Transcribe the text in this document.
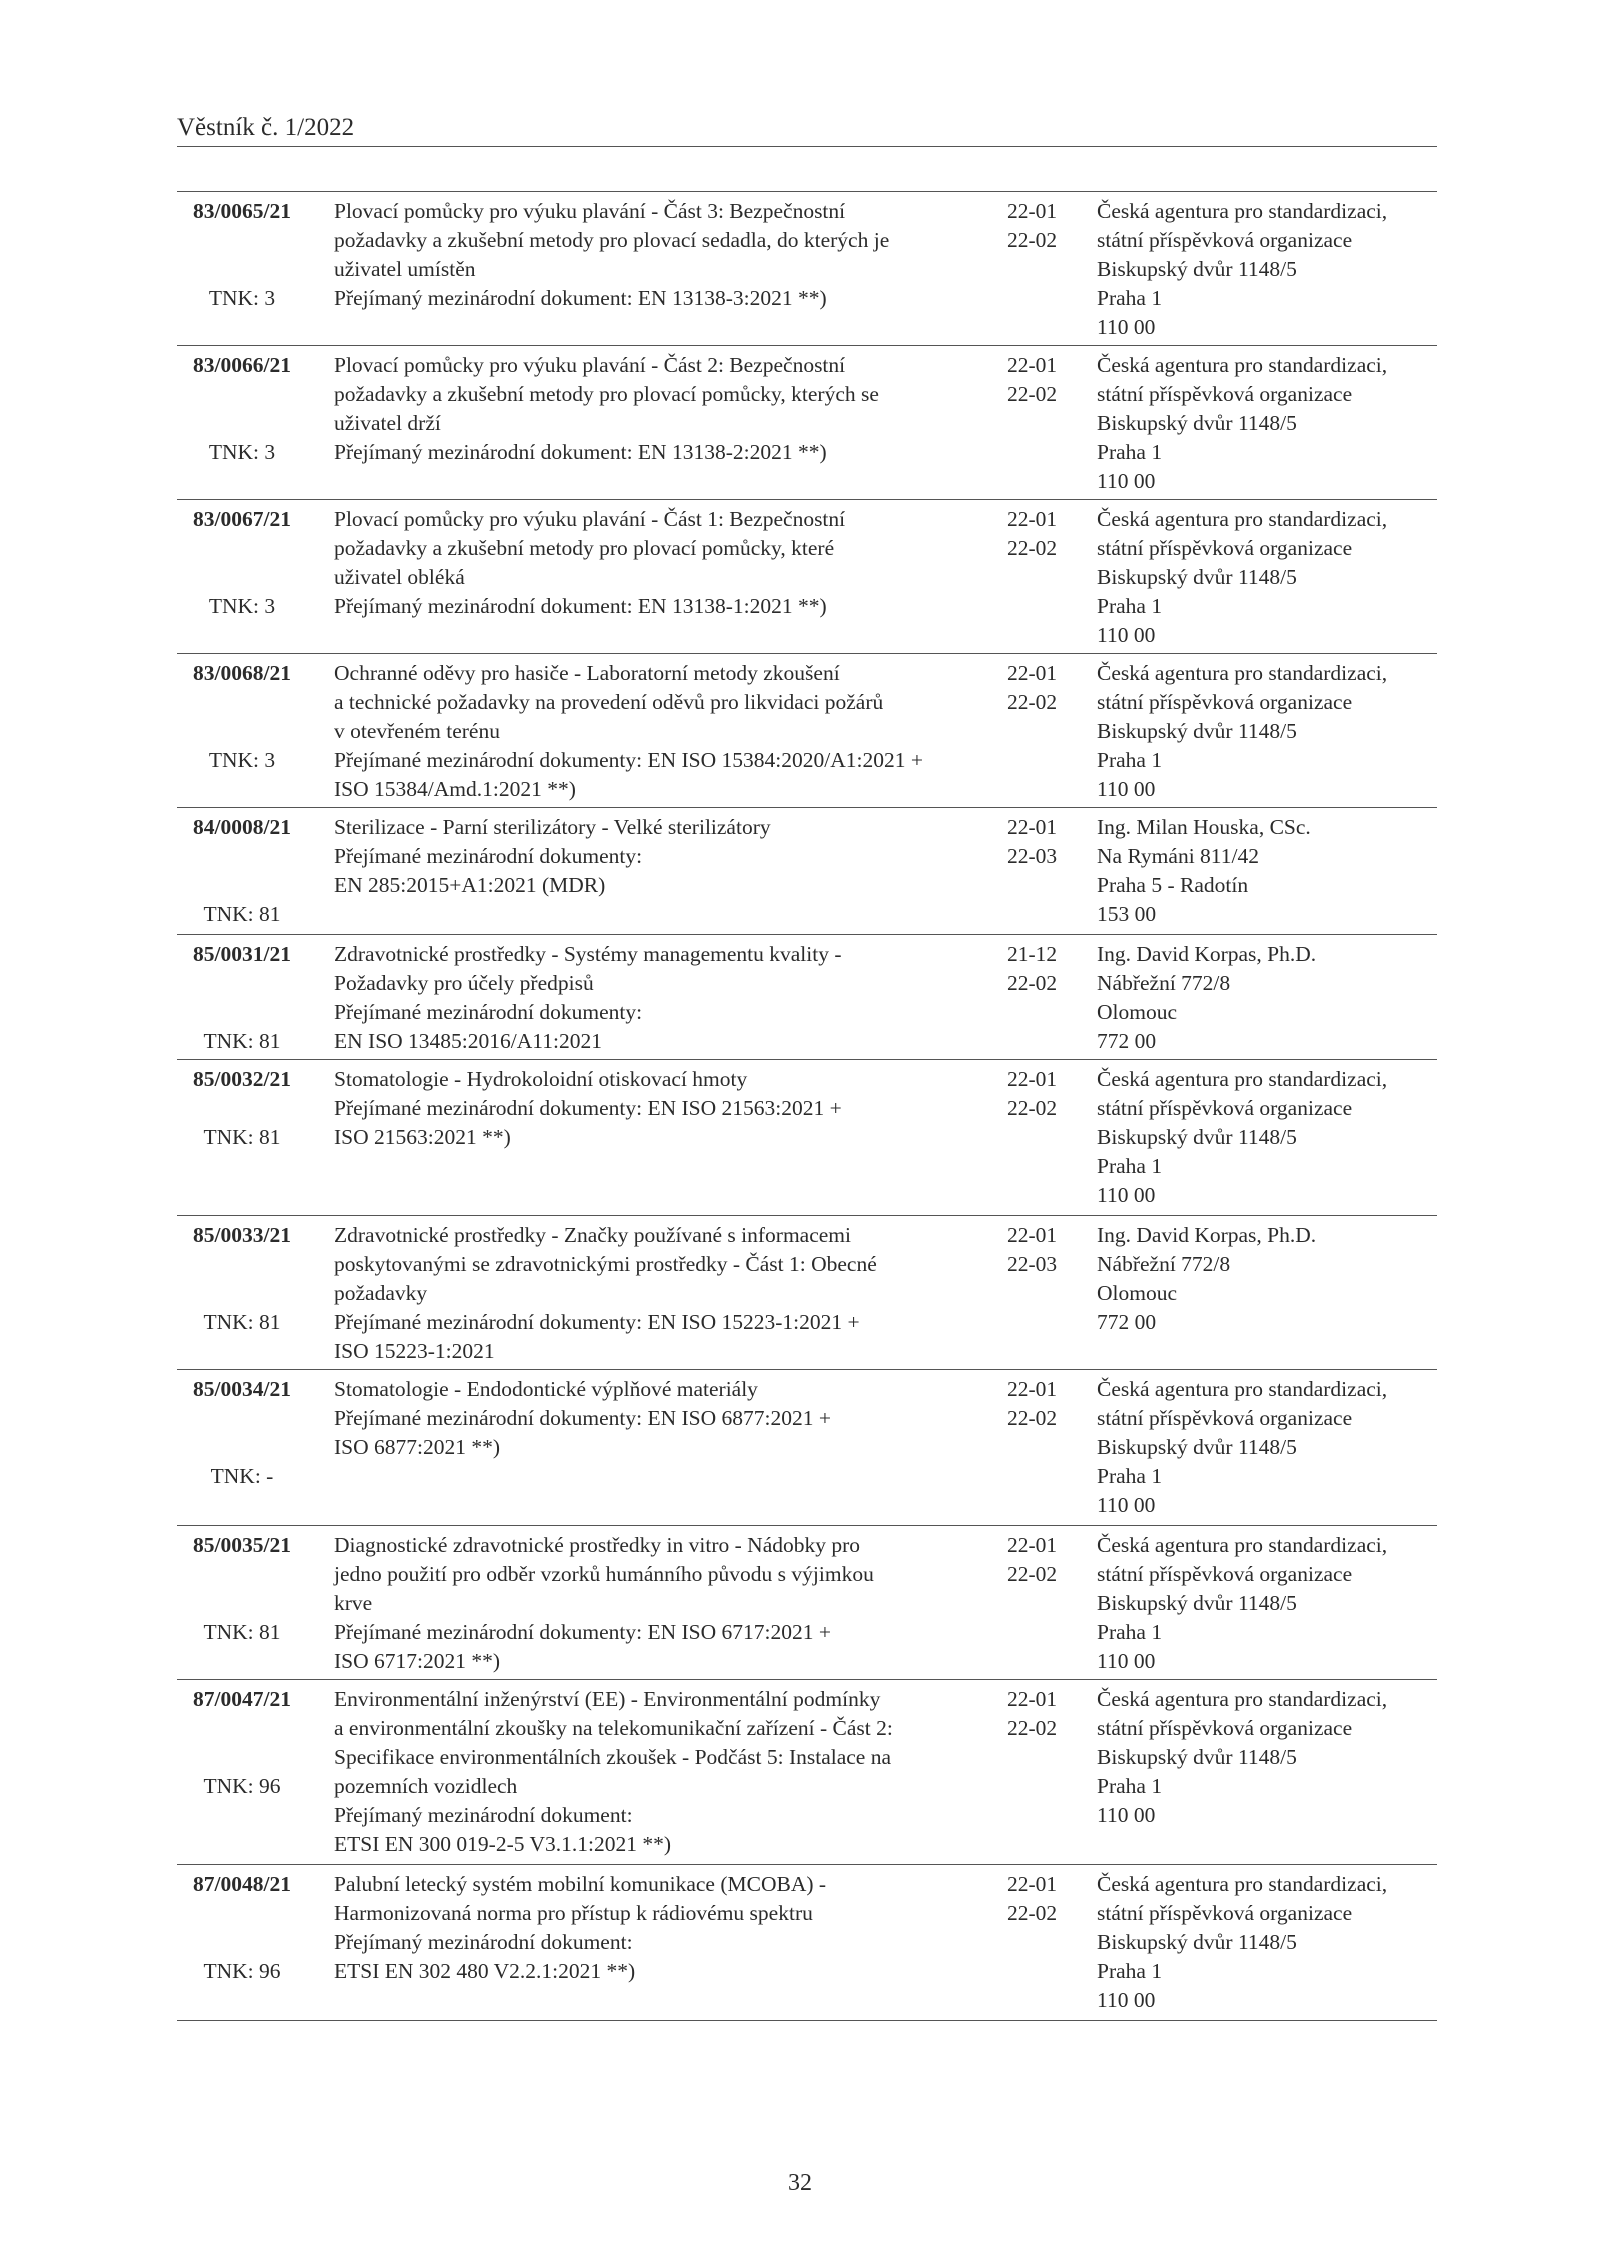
Věstník č. 1/2022
83/0065/21
TNK: 3
Plovací pomůcky pro výuku plavání - Část 3: Bezpečnostní
požadavky a zkušební metody pro plovací sedadla, do kterých je
uživatel umístěn
Přejímaný mezinárodní dokument: EN 13138-3:2021 **)
22-01
22-02
Česká agentura pro standardizaci,
státní příspěvková organizace
Biskupský dvůr 1148/5
Praha 1
110 00
83/0066/21
TNK: 3
Plovací pomůcky pro výuku plavání - Část 2: Bezpečnostní
požadavky a zkušební metody pro plovací pomůcky, kterých se
uživatel drží
Přejímaný mezinárodní dokument: EN 13138-2:2021 **)
22-01
22-02
Česká agentura pro standardizaci,
státní příspěvková organizace
Biskupský dvůr 1148/5
Praha 1
110 00
83/0067/21
TNK: 3
Plovací pomůcky pro výuku plavání - Část 1: Bezpečnostní
požadavky a zkušební metody pro plovací pomůcky, které
uživatel obléká
Přejímaný mezinárodní dokument: EN 13138-1:2021 **)
22-01
22-02
Česká agentura pro standardizaci,
státní příspěvková organizace
Biskupský dvůr 1148/5
Praha 1
110 00
83/0068/21
TNK: 3
Ochranné oděvy pro hasiče - Laboratorní metody zkoušení
a technické požadavky na provedení oděvů pro likvidaci požárů
v otevřeném terénu
Přejímané mezinárodní dokumenty: EN ISO 15384:2020/A1:2021 +
ISO 15384/Amd.1:2021 **)
22-01
22-02
Česká agentura pro standardizaci,
státní příspěvková organizace
Biskupský dvůr 1148/5
Praha 1
110 00
84/0008/21
TNK: 81
Sterilizace - Parní sterilizátory - Velké sterilizátory
Přejímané mezinárodní dokumenty:
EN 285:2015+A1:2021 (MDR)
22-01
22-03
Ing. Milan Houska, CSc.
Na Rymáni 811/42
Praha 5 - Radotín
153 00
85/0031/21
TNK: 81
Zdravotnické prostředky - Systémy managementu kvality -
Požadavky pro účely předpisů
Přejímané mezinárodní dokumenty:
EN ISO 13485:2016/A11:2021
21-12
22-02
Ing. David Korpas, Ph.D.
Nábřežní 772/8
Olomouc
772 00
85/0032/21
TNK: 81
Stomatologie - Hydrokoloidní otiskovací hmoty
Přejímané mezinárodní dokumenty: EN ISO 21563:2021 +
ISO 21563:2021 **)
22-01
22-02
Česká agentura pro standardizaci,
státní příspěvková organizace
Biskupský dvůr 1148/5
Praha 1
110 00
85/0033/21
TNK: 81
Zdravotnické prostředky - Značky používané s informacemi
poskytovanými se zdravotnickými prostředky - Část 1: Obecné
požadavky
Přejímané mezinárodní dokumenty: EN ISO 15223-1:2021 +
ISO 15223-1:2021
22-01
22-03
Ing. David Korpas, Ph.D.
Nábřežní 772/8
Olomouc
772 00
85/0034/21
TNK: -
Stomatologie - Endodontické výplňové materiály
Přejímané mezinárodní dokumenty: EN ISO 6877:2021 +
ISO 6877:2021 **)
22-01
22-02
Česká agentura pro standardizaci,
státní příspěvková organizace
Biskupský dvůr 1148/5
Praha 1
110 00
85/0035/21
TNK: 81
Diagnostické zdravotnické prostředky in vitro - Nádobky pro
jedno použití pro odběr vzorků humánního původu s výjimkou
krve
Přejímané mezinárodní dokumenty: EN ISO 6717:2021 +
ISO 6717:2021 **)
22-01
22-02
Česká agentura pro standardizaci,
státní příspěvková organizace
Biskupský dvůr 1148/5
Praha 1
110 00
87/0047/21
TNK: 96
Environmentální inženýrství (EE) - Environmentální podmínky
a environmentální zkoušky na telekomunikační zařízení - Část 2:
Specifikace environmentálních zkoušek - Podčást 5: Instalace na
pozemních vozidlech
Přejímaný mezinárodní dokument:
ETSI EN 300 019-2-5 V3.1.1:2021 **)
22-01
22-02
Česká agentura pro standardizaci,
státní příspěvková organizace
Biskupský dvůr 1148/5
Praha 1
110 00
87/0048/21
TNK: 96
Palubní letecký systém mobilní komunikace (MCOBA) -
Harmonizovaná norma pro přístup k rádiovému spektru
Přejímaný mezinárodní dokument:
ETSI EN 302 480 V2.2.1:2021 **)
22-01
22-02
Česká agentura pro standardizaci,
státní příspěvková organizace
Biskupský dvůr 1148/5
Praha 1
110 00
32
